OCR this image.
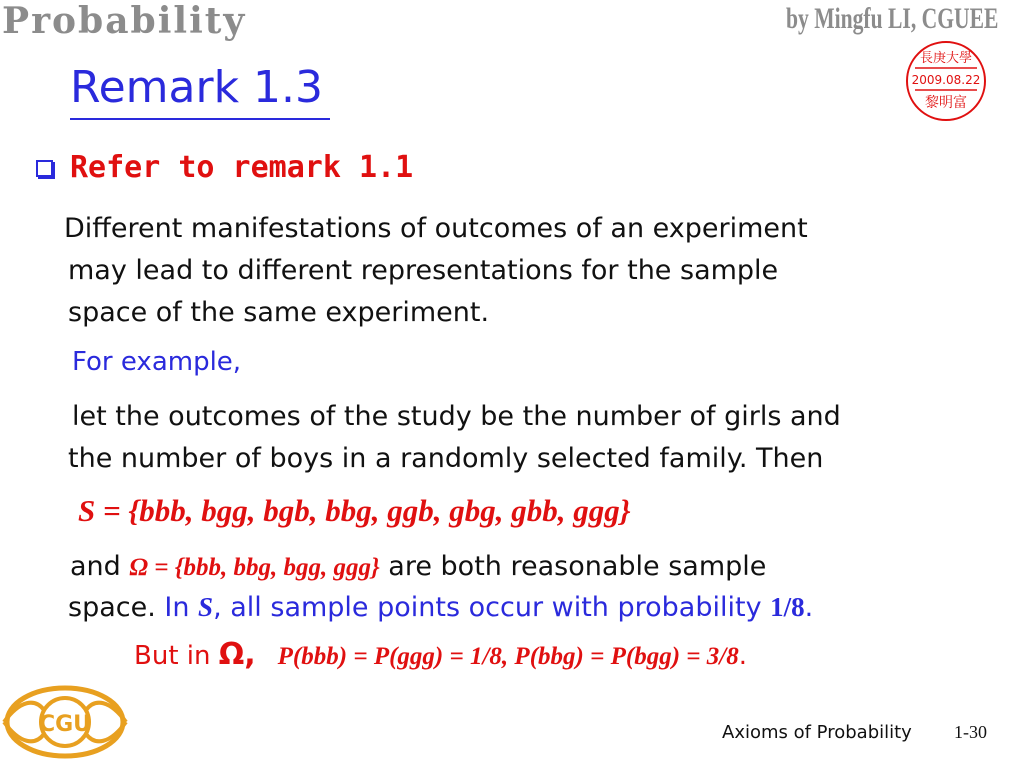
Probability	by Mingfu LI, CGUEE
長庚大學
2009.08.22
黎明富
Remark 1.3
Refer to remark 1.1
Different manifestations of outcomes of an experiment
may lead to different representations for the sample
space of the same experiment.
For example,
let the outcomes of the study be the number of girls and
the number of boys in a randomly selected family. Then
S = {bbb, bgg, bgb, bbg, ggb, gbg, gbb, ggg}
and Ω = {bbb, bbg, bgg, ggg} are both reasonable sample
space. In S, all sample points occur with probability 1/8.
But in Ω, P(bbb) = P(ggg) = 1/8, P(bbg) = P(bgg) = 3/8.
Axioms of Probability 1-30
CGU
